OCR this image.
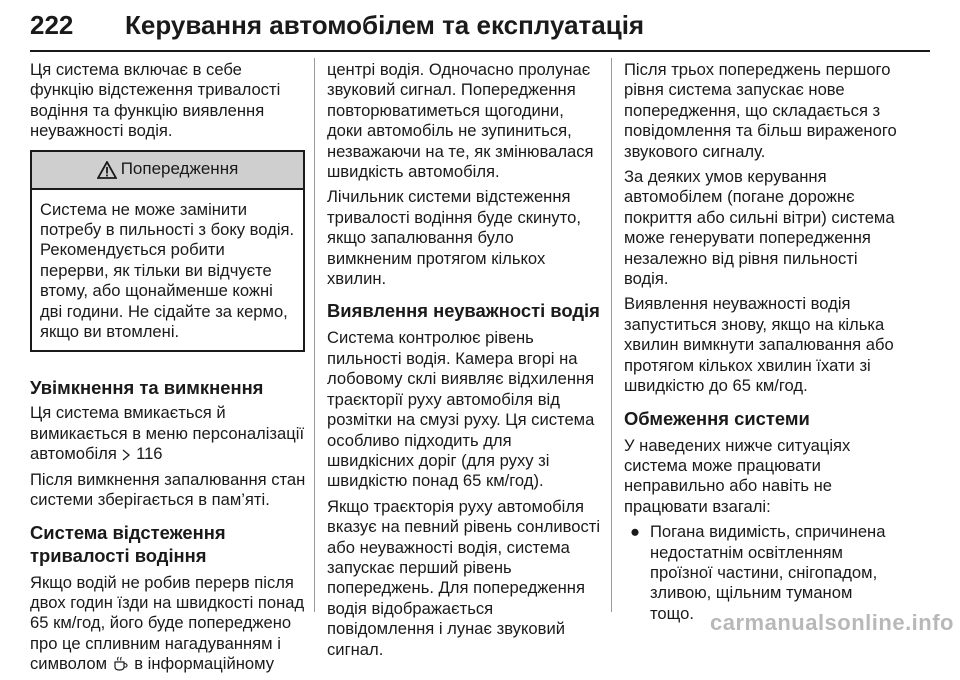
222 Керування автомобілем та експлуатація

Ця система включає в себе
функцію відстеження тривалості
водіння та функцію виявлення
неуважності водія.

Попередження
Система не може замінити
потребу в пильності з боку водія.
Рекомендується робити
перерви, як тільки ви відчуєте
втому, або щонайменше кожні
дві години. Не сідайте за кермо,
якщо ви втомлені.
Увімкнення та вимкнення

Ця система вмикається й
вимикається в меню персоналізації
автомобіля 116

Після вимкнення запалювання стан
системи зберігається в пам’яті.

Система відстеження
тривалості водіння

Якщо водій не робив перерв після
двох годин їзди на швидкості понад
65 км/год, його буде попереджено
про це спливним нагадуванням і
символом в інформаційному

центрі водія. Одночасно пролунає
звуковий сигнал. Попередження
повторюватиметься щогодини,
доки автомобіль не зупиниться,
незважаючи на те, як змінювалася
швидкість автомобіля.

Лічильник системи відстеження
тривалості водіння буде скинуто,
якщо запалювання було
вимкненим протягом кількох
хвилин.

Виявлення неуважності водія

Система контролює рівень
пильності водія. Камера вгорі на
лобовому склі виявляє відхилення
траєкторії руху автомобіля від
розмітки на смузі руху. Ця система
особливо підходить для
швидкісних доріг (для руху зі
швидкістю понад 65 км/год).

Якщо траєкторія руху автомобіля
вказує на певний рівень сонливості
або неуважності водія, система
запускає перший рівень
попереджень. Для попередження
водія відображається
повідомлення і лунає звуковий
сигнал.

Після трьох попереджень першого
рівня система запускає нове
попередження, що складається з
повідомлення та більш вираженого
звукового сигналу.

За деяких умов керування
автомобілем (погане дорожнє
покриття або сильні вітри) система
може генерувати попередження
незалежно від рівня пильності
водія.

Виявлення неуважності водія
запуститься знову, якщо на кілька
хвилин вимкнути запалювання або
протягом кількох хвилин їхати зі
швидкістю до 65 км/год.

Обмеження системи

У наведених нижче ситуаціях
система може працювати
неправильно або навіть не
працювати взагалі:

● Погана видимість, спричинена
недостатнім освітленням
проїзної частини, снігопадом,
зливою, щільним туманом
тощо. carmanualsonline.info
